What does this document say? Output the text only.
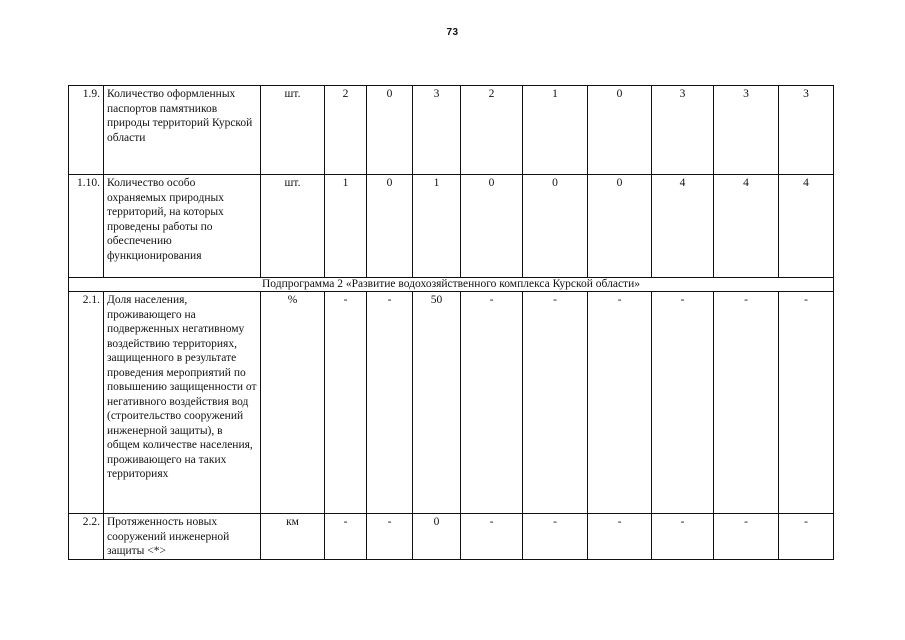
73
1.9.	Количество оформленных паспортов памятников природы территорий Курской области	шт.	2	0	3	2	1	0	3	3	3
1.10.	Количество особо охраняемых природных территорий, на которых проведены работы по обеспечению функционирования	шт.	1	0	1	0	0	0	4	4	4
Подпрограмма 2 «Развитие водохозяйственного комплекса Курской области»											
2.1.	Доля населения, проживающего на подверженных негативному воздействию территориях, защищенного в результате проведения мероприятий по повышению защищенности от негативного воздействия вод (строительство сооружений инженерной защиты), в общем количестве населения, проживающего на таких территориях	%	-	-	50	-	-	-	-	-	-
2.2.	Протяженность новых сооружений инженерной защиты <*>	км	-	-	0	-	-	-	-	-	-
